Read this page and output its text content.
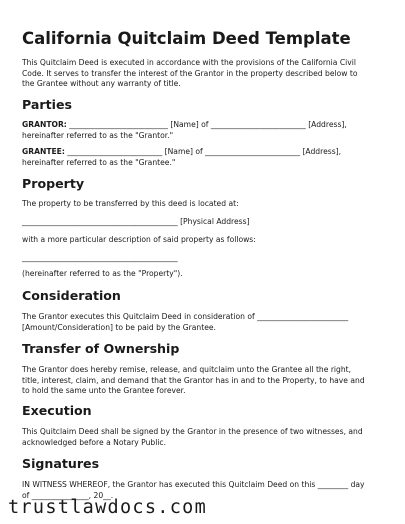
California Quitclaim Deed Template
This Quitclaim Deed is executed in accordance with the provisions of the California Civil
Code. It serves to transfer the interest of the Grantor in the property described below to
the Grantee without any warranty of title.
Parties
GRANTOR: __________________________ [Name] of _________________________ [Address],
hereinafter referred to as the "Grantor."
GRANTEE: _________________________ [Name] of _________________________ [Address],
hereinafter referred to as the "Grantee."
Property
The property to be transferred by this deed is located at:
_________________________________________ [Physical Address]
with a more particular description of said property as follows:
_________________________________________
(hereinafter referred to as the "Property").
Consideration
The Grantor executes this Quitclaim Deed in consideration of ________________________
[Amount/Consideration] to be paid by the Grantee.
Transfer of Ownership
The Grantor does hereby remise, release, and quitclaim unto the Grantee all the right,
title, interest, claim, and demand that the Grantor has in and to the Property, to have and
to hold the same unto the Grantee forever.
Execution
This Quitclaim Deed shall be signed by the Grantor in the presence of two witnesses, and
acknowledged before a Notary Public.
Signatures
IN WITNESS WHEREOF, the Grantor has executed this Quitclaim Deed on this ________ day
of _______________, 20__.
trustlawdocs.com
